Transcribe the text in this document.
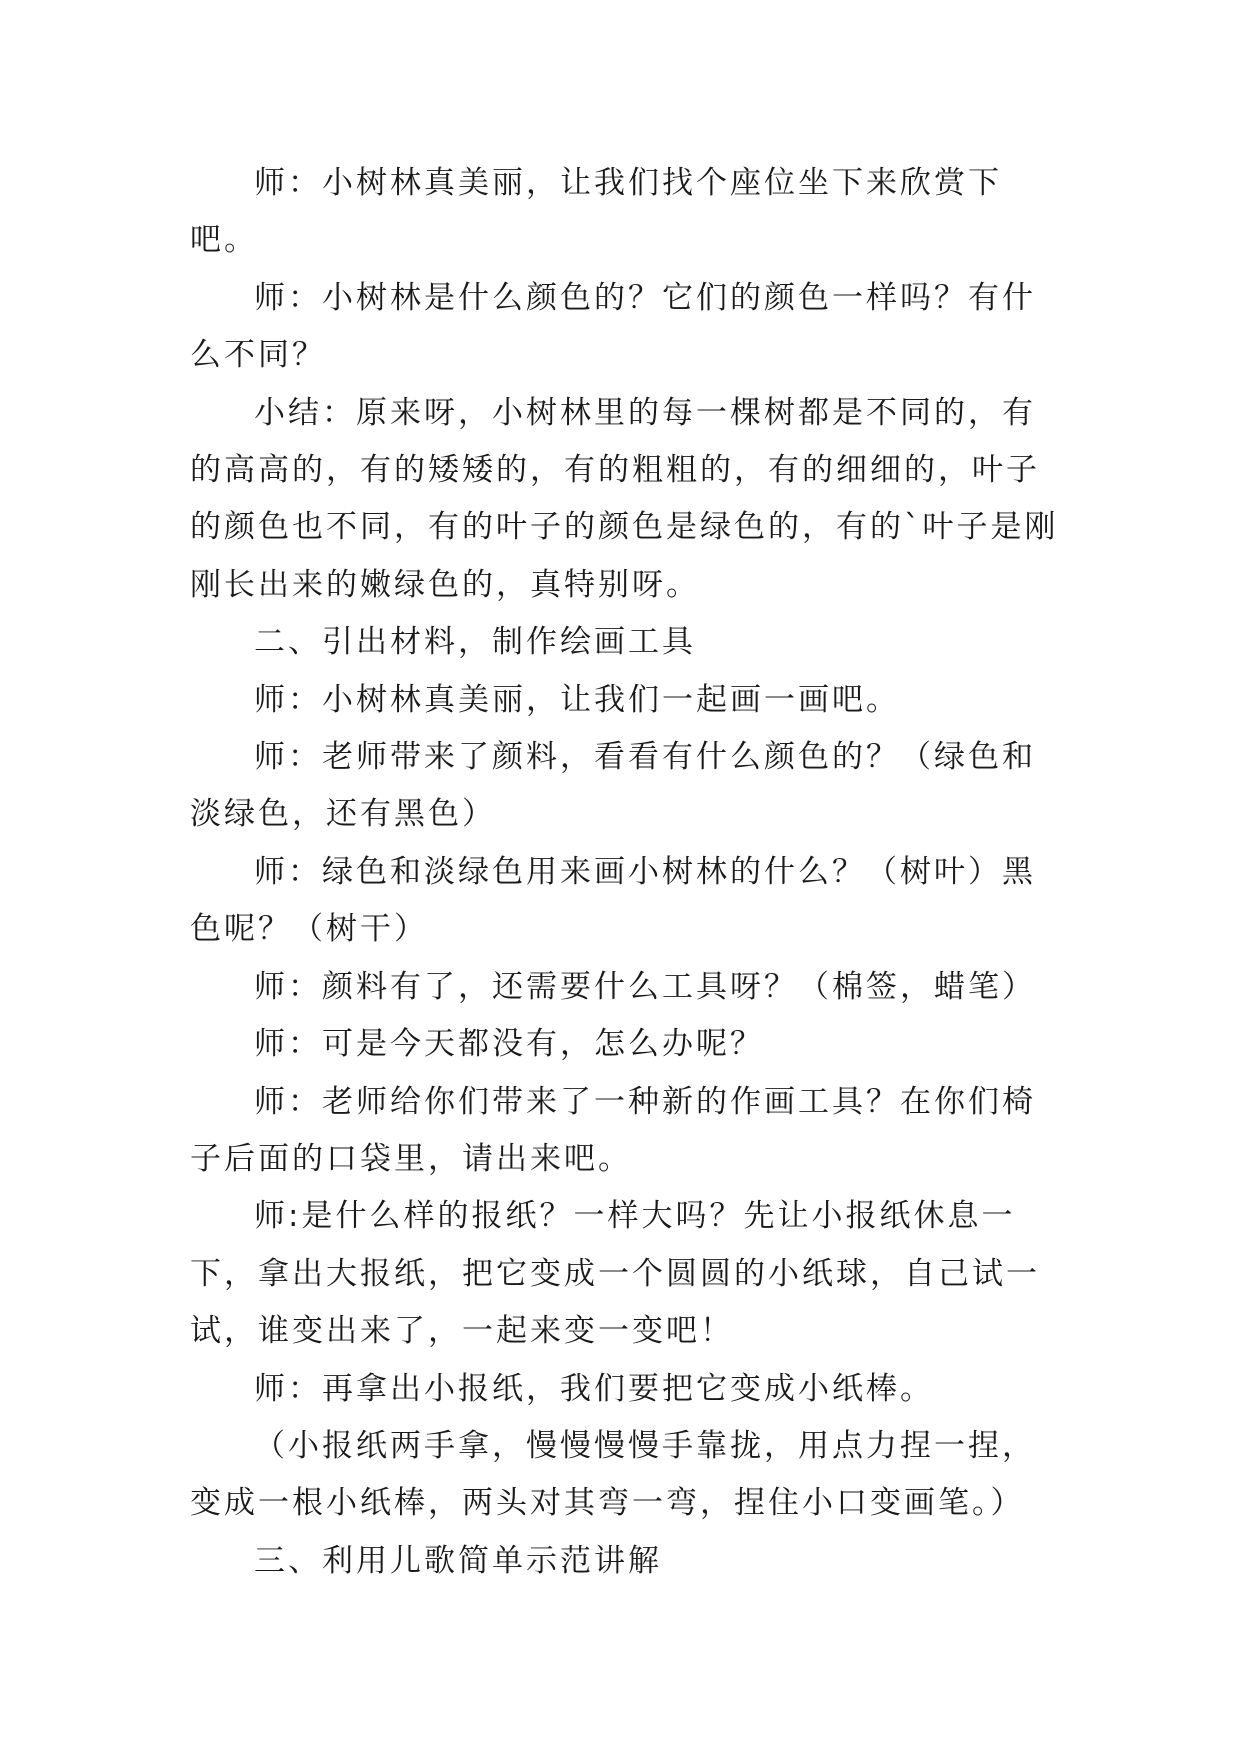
师：小树林真美丽，让我们找个座位坐下来欣赏下吧。

师：小树林是什么颜色的？它们的颜色一样吗？有什么不同？

小结：原来呀，小树林里的每一棵树都是不同的，有的高高的，有的矮矮的，有的粗粗的，有的细细的，叶子的颜色也不同，有的叶子的颜色是绿色的，有的`叶子是刚刚长出来的嫩绿色的，真特别呀。

二、引出材料，制作绘画工具

师：小树林真美丽，让我们一起画一画吧。

师：老师带来了颜料，看看有什么颜色的？（绿色和淡绿色，还有黑色）

师：绿色和淡绿色用来画小树林的什么？（树叶）黑色呢？（树干）

师：颜料有了，还需要什么工具呀？（棉签，蜡笔）

师：可是今天都没有，怎么办呢？

师：老师给你们带来了一种新的作画工具？在你们椅子后面的口袋里，请出来吧。

师:是什么样的报纸？一样大吗？先让小报纸休息一下，拿出大报纸，把它变成一个圆圆的小纸球，自己试一试，谁变出来了，一起来变一变吧！

师：再拿出小报纸，我们要把它变成小纸棒。

（小报纸两手拿，慢慢慢慢手靠拢，用点力捏一捏，变成一根小纸棒，两头对其弯一弯，捏住小口变画笔。）

三、利用儿歌简单示范讲解
